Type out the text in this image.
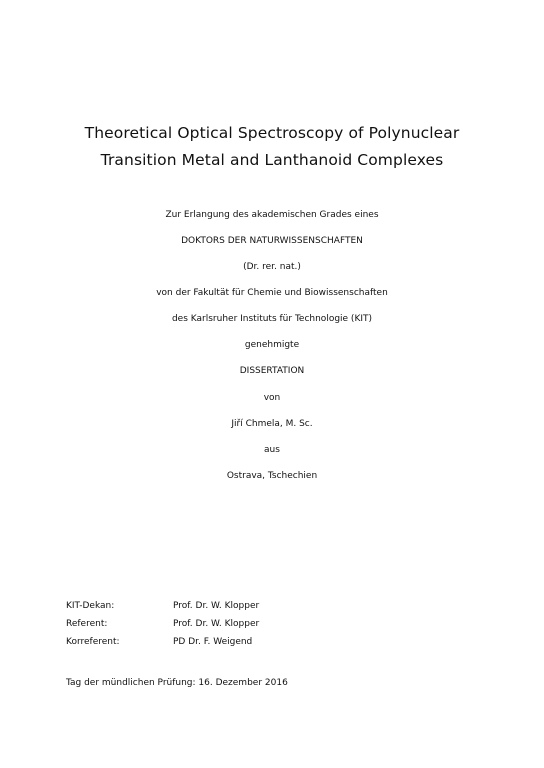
Theoretical Optical Spectroscopy of Polynuclear
Transition Metal and Lanthanoid Complexes
Zur Erlangung des akademischen Grades eines
DOKTORS DER NATURWISSENSCHAFTEN
(Dr. rer. nat.)
von der Fakultät für Chemie und Biowissenschaften
des Karlsruher Instituts für Technologie (KIT)
genehmigte
DISSERTATION
von
Jiří Chmela, M. Sc.
aus
Ostrava, Tschechien
KIT-Dekan:	Prof. Dr. W. Klopper
Referent:	Prof. Dr. W. Klopper
Korreferent:	PD Dr. F. Weigend
Tag der mündlichen Prüfung: 16. Dezember 2016
